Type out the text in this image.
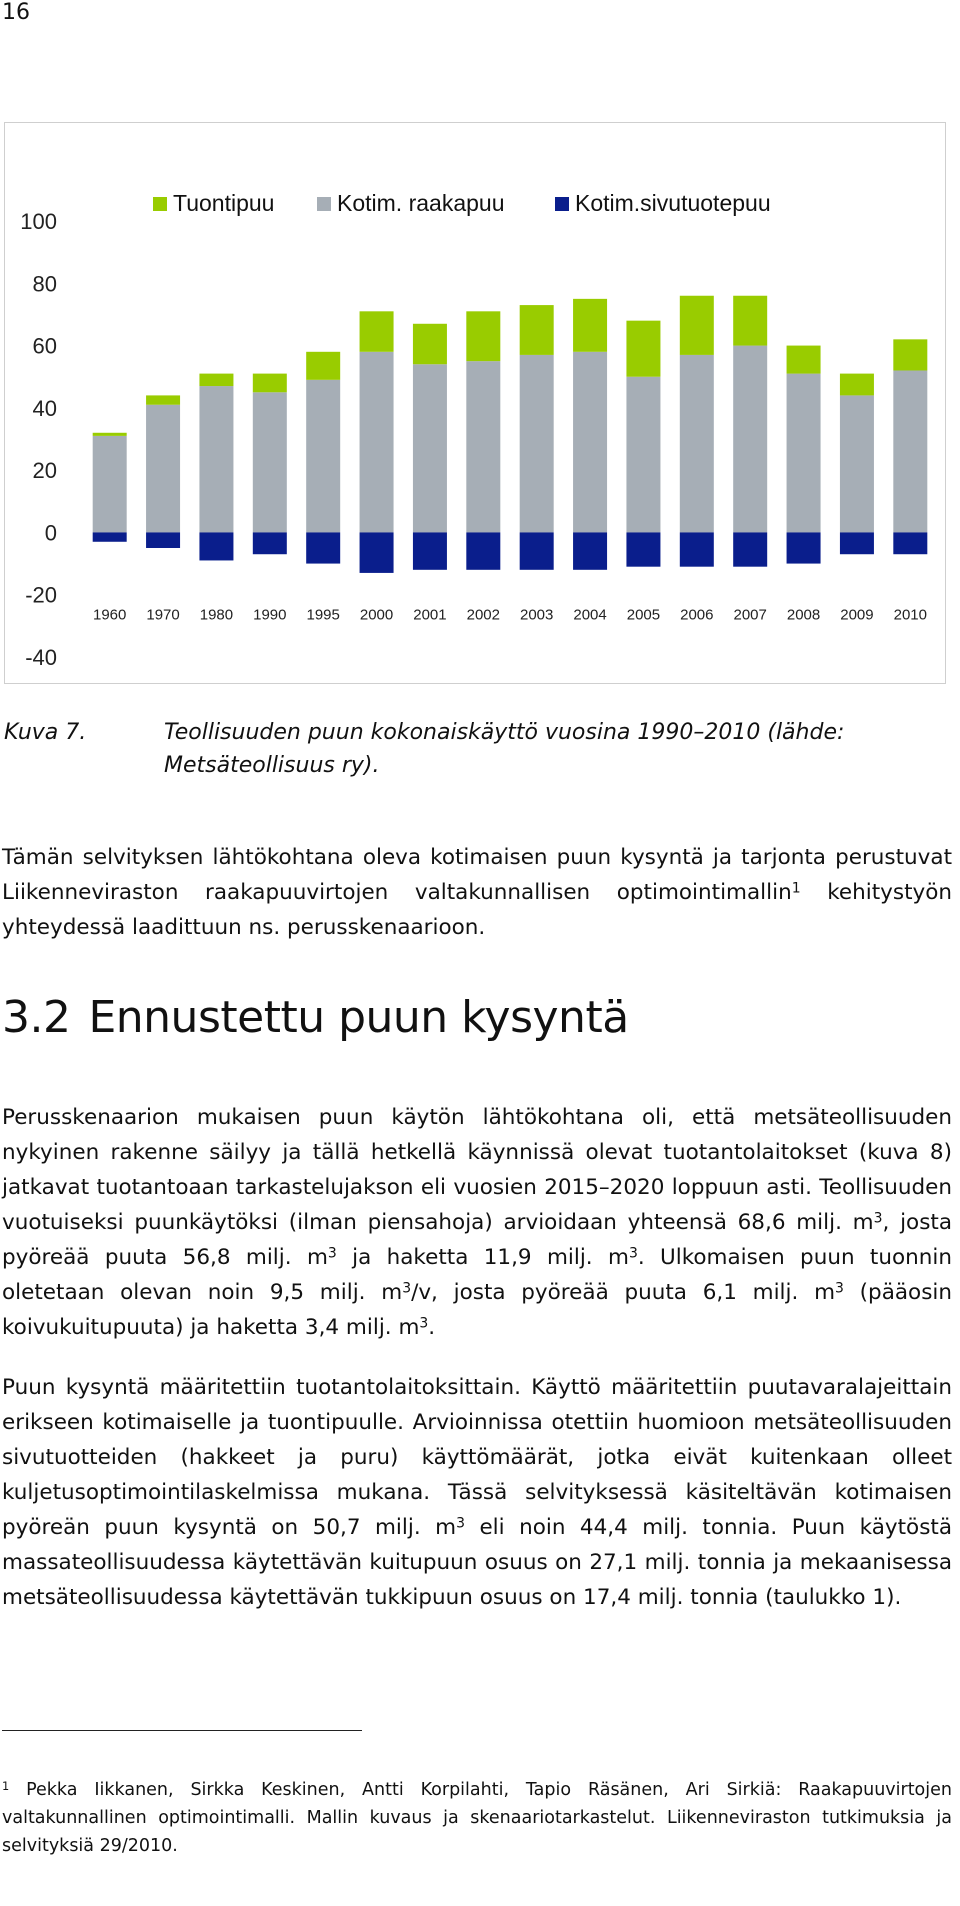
16
100
80
60
40
20
0
-20
-40
1960 1970 1980 1990 1995 2000 2001 2002 2003 2004 2005 2006 2007 2008 2009 2010
Tuontipuu	Kotim. raakapuu	Kotim.sivutuotepuu
Kuva 7.	Teollisuuden puun kokonaiskäyttö vuosina 1990–2010 (lähde: Metsäteollisuus ry).

Tämän selvityksen lähtökohtana oleva kotimaisen puun kysyntä ja tarjonta perustuvat Liikenneviraston raakapuuvirtojen valtakunnallisen optimointimallin$^1$ kehitystyön yhteydessä laadittuun ns. perusskenaarioon.

3.2 Ennustettu puun kysyntä

Perusskenaarion mukaisen puun käytön lähtökohtana oli, että metsäteollisuuden nykyinen rakenne säilyy ja tällä hetkellä käynnissä olevat tuotantolaitokset (kuva 8) jatkavat tuotantoaan tarkastelujakson eli vuosien 2015–2020 loppuun asti. Teollisuuden vuotuiseksi puunkäytöksi (ilman piensahoja) arvioidaan yhteensä 68,6 milj. $m^3$, josta pyöreää puuta 56,8 milj. $m^3$ ja haketta 11,9 milj. $m^3$. Ulkomaisen puun tuonnin oletetaan olevan noin 9,5 milj. $m^3/v$, josta pyöreää puuta 6,1 milj. $m^3$ (pääosin koivukuitupuuta) ja haketta 3,4 milj. $m^3$.

Puun kysyntä määritettiin tuotantolaitoksittain. Käyttö määritettiin puutavaralajeittain erikseen kotimaiselle ja tuontipuulle. Arvioinnissa otettiin huomioon metsäteollisuuden sivutuotteiden (hakkeet ja puru) käyttömäärät, jotka eivät kuitenkaan olleet kuljetusoptimointilaskelmissa mukana. Tässä selvityksessä käsiteltävän kotimaisen pyöreän puun kysyntä on 50,7 milj. $m^3$ eli noin 44,4 milj. tonnia. Puun käytöstä massateollisuudessa käytettävän kuitupuun osuus on 27,1 milj. tonnia ja mekaanisessa metsäteollisuudessa käytettävän tukkipuun osuus on 17,4 milj. tonnia (taulukko 1).

$^1$ Pekka Iikkanen, Sirkka Keskinen, Antti Korpilahti, Tapio Räsänen, Ari Sirkiä: Raakapuuvirtojen valtakunnallinen optimointimalli. Mallin kuvaus ja skenaariotarkastelut. Liikenneviraston tutkimuksia ja selvityksiä 29/2010.
